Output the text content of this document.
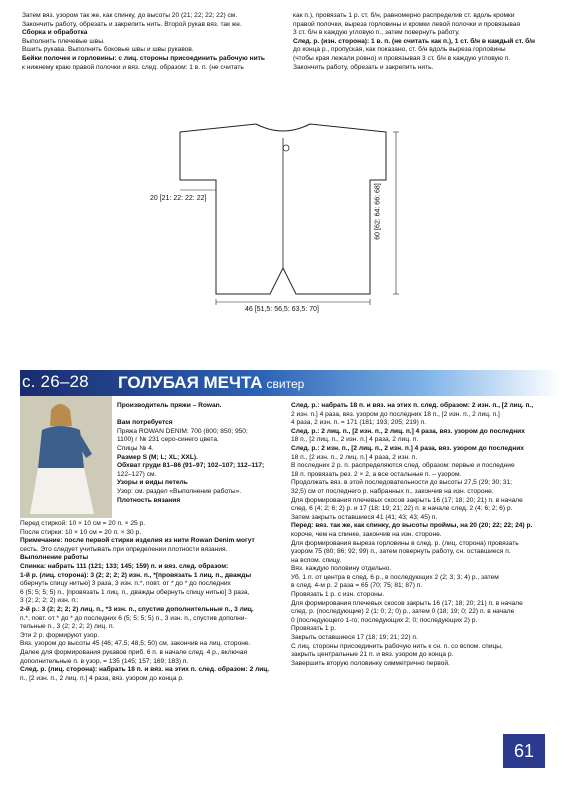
Затем вяз. узором так же, как спинку, до высоты 20 (21; 22; 22; 22) см.

Закончить работу, обрезать и закрепить нить. Второй рукав вяз. так же.

Сборка и обработка

Выполнить плечевые швы.

Вшить рукава. Выполнить боковые швы и швы рукавов.

Бейки полочек и горловины: с лиц. стороны присоединить рабочую нить

к нижнему краю правой полочки и вяз. след. образом: 1 в. п. (не считать

как п.), провязать 1 р. ст. б/н, равномерно распределив ст. вдоль кромки

правой полочки, выреза горловины и кромки левой полочки и провязывая

3 ст. б/н в каждую угловую п., затем повернуть работу.

След. р. (изн. сторона): 1 в. п. (не считать как п.), 1 ст. б/н в каждый ст. б/н

до конца р., пропуская, как показано, ст. б/н вдоль выреза горловины

(чтобы края лежали ровно) и провязывая 3 ст. б/н в каждую угловую п.

Закончить работу, обрезать и закрепить нить.

46 [51,5: 56,5: 63,5: 70]
60 [62: 64: 66: 68]
20 [21: 22: 22: 22]
с. 26–28 ГОЛУБАЯ МЕЧТА свитер

Производитель пряжи – Rowan.

Вам потребуется

Пряжа ROWAN DENIM: 700 (800; 850; 950;

1100) г № 231 серо-синего цвета.

Спицы № 4.

Размер S (M; L; XL; XXL).

Обхват груди 81–86 (91–97; 102–107; 112–117;

122–127) см.

Узоры и виды петель

Узор: см. раздел «Выполнение работы».

Плотность вязания

Перед стиркой: 10 × 10 см = 20 п. × 25 р.

После стирки: 10 × 10 см = 20 п. × 30 р.

Примечание: после первой стирки изделия из нити Rowan Denim могут

сесть. Это следует учитывать при определении плотности вязания.

Выполнение работы

Спинка: набрать 111 (121; 133; 145; 159) п. и вяз. след. образом:

1-й р. (лиц. сторона): 3 (2; 2; 2; 2) изн. п., *[провязать 1 лиц. п., дважды

обернуть спицу нитью] 3 раза, 3 изн. п.*, повт. от * до * до последних

6 (5; 5; 5; 5) п., [провязать 1 лиц. п., дважды обернуть спицу нитью] 3 раза,

3 (2; 2; 2; 2) изн. п.;

2-й р.: 3 (2; 2; 2; 2) лиц. п., *3 изн. п., спустив дополнительные п., 3 лиц.

п.*, повт. от * до * до последних 6 (5; 5; 5; 5) п., 3 изн. п., спустив дополни-

тельные п., 3 (2; 2; 2; 2) лиц. п.

Эти 2 р. формируют узор.

Вяз. узором до высоты 45 (46; 47,5; 48,5; 50) см, закончив на лиц. стороне.

Далее для формирования рукавов приб. 6 п. в начале след. 4 р., включая

дополнительные п. в узор, = 135 (145; 157; 169; 183) п.

След. р. (лиц. сторона): набрать 18 п. и вяз. на этих п. след. образом: 2 лиц.

п., [2 изн. п., 2 лиц. п.] 4 раза, вяз. узором до конца р.

След. р.: набрать 18 п. и вяз. на этих п. след. образом: 2 изн. п., [2 лиц. п.,

2 изн. п.] 4 раза, вяз. узором до последних 18 п., [2 изн. п., 2 лиц. п.]

4 раза, 2 изн. п. = 171 (181; 193; 205; 219) п.

След. р.: 2 лиц. п., [2 изн. п., 2 лиц. п.] 4 раза, вяз. узором до последних

18 п., [2 лиц. п., 2 изн. п.] 4 раза, 2 лиц. п.

След. р.: 2 изн. п., [2 лиц. п., 2 изн. п.] 4 раза, вяз. узором до последних

18 п., [2 изн. п., 2 лиц. п.] 4 раза, 2 изн. п.

В последних 2 р. п. распределяются след. образом: первые и последние

18 п. провязать рез. 2 × 2, а все остальные п. – узором.

Продолжать вяз. в этой последовательности до высоты 27,5 (29; 30; 31;

32,5) см от последнего р. набранных п., закончив на изн. стороне.

Для формирования плечевых скосов закрыть 16 (17; 18; 20; 21) п. в начале

след. 6 (4; 2; 6; 2) р. и 17 (18; 19; 21; 22) п. в начале след. 2 (4; 6; 2; 6) р.

Затем закрыть оставшиеся 41 (41; 43; 43; 45) п.

Перед: вяз. так же, как спинку, до высоты проймы, на 20 (20; 22; 22; 24) р.

короче, чем на спинке, закончив на изн. стороне.

Для формирования выреза горловины в след. р. (лиц. сторона) провязать

узором 75 (80; 86; 92; 99) п., затем повернуть работу, сн. оставшиеся п.

на вспом. спицу.

Вяз. каждую половину отдельно.

Уб. 1 п. от центра в след. 6 р., в последующих 2 (2; 3; 3; 4) р., затем

в след. 4-м р. 2 раза = 65 (70; 75; 81; 87) п.

Провязать 1 р. с изн. стороны.

Для формирования плечевых скосов закрыть 16 (17; 18; 20; 21) п. в начале

след. р. (последующие) 2 (1; 0; 2; 0) р., затем 0 (18; 19; 0; 22) п. в начале

0 (последующего 1-го; последующих 2; 0; последующих 2) р.

Провязать 1 р.

Закрыть оставшиеся 17 (18; 19; 21; 22) п.

С лиц. стороны присоединить рабочую нить к сн. п. со вспом. спицы,

закрыть центральные 21 п. и вяз. узором до конца р.

Завершить вторую половинку симметрично первой.

61
